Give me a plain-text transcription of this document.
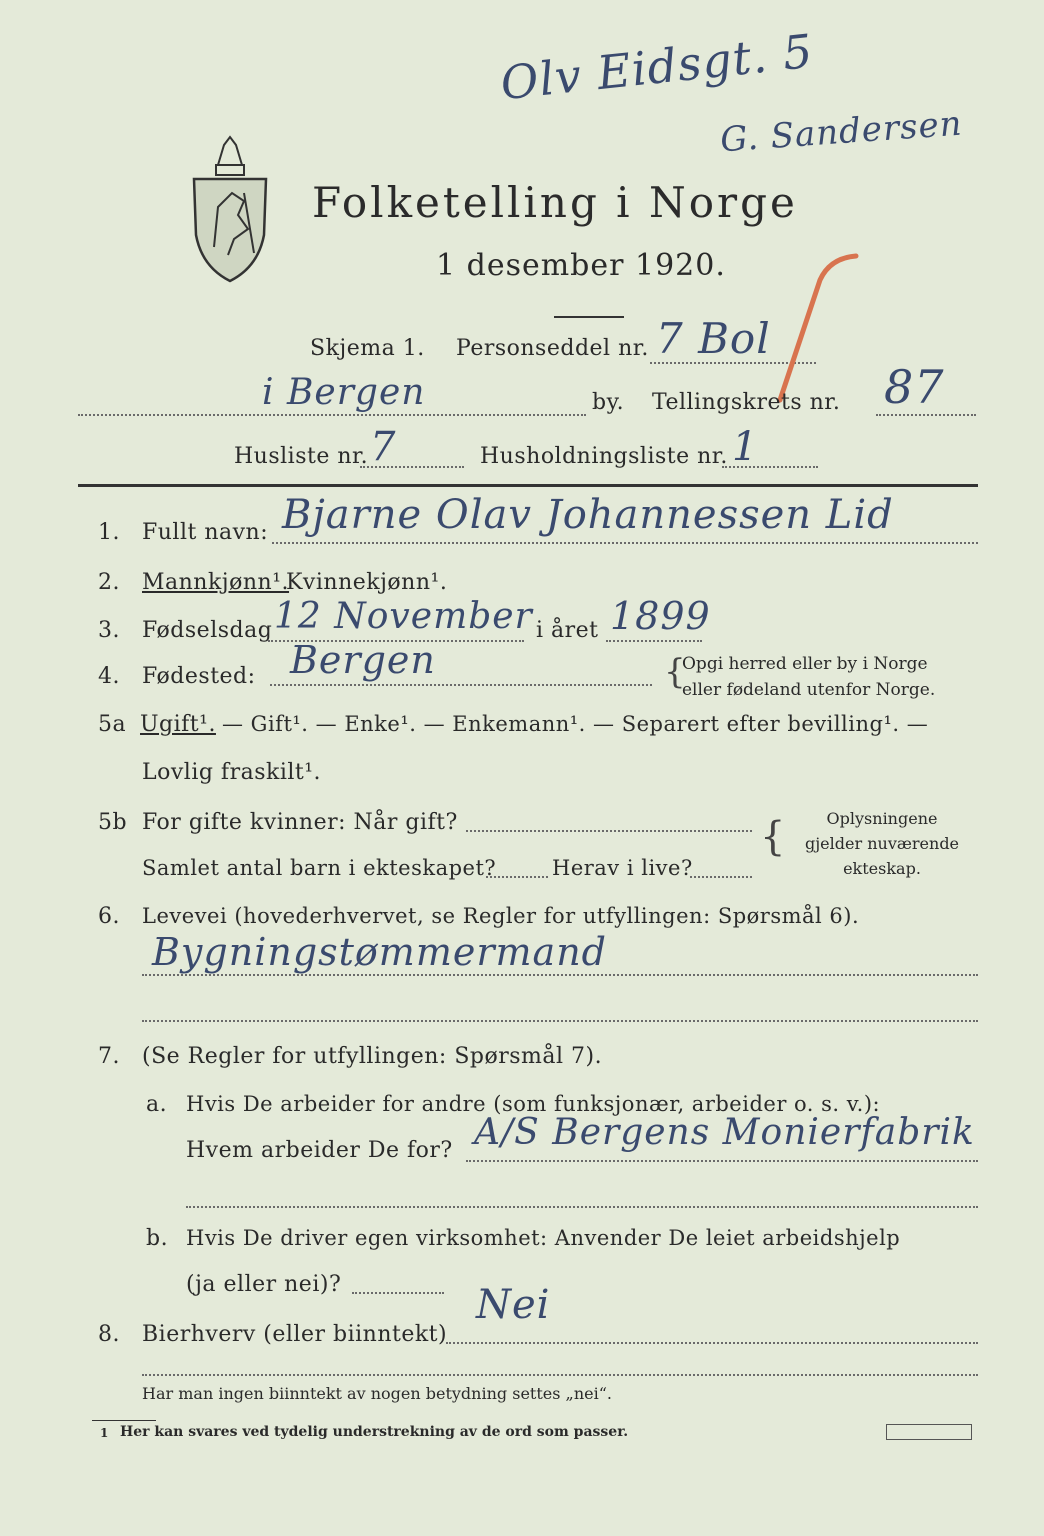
Olv Eidsgt. 5
G. Sandersen
Folketelling i Norge
1 desember 1920.
Skjema 1. Personseddel nr. 7 Bol
i Bergen	by. Tellingskrets nr. 87
Husliste nr. 7	Husholdningsliste nr. 1
1. Fullt navn: Bjarne Olav Johannessen Lid
2. Mannkjønn¹.
Kvinnekjønn¹.
3. Fødselsdag 12 November i året 1899
4. Fødested: Bergen	{
Opgi herred eller by i Norge
eller fødeland utenfor Norge.
5a Ugift¹. — Gift¹. — Enke¹. — Enkemann¹. — Separert efter bevilling¹. —
Lovlig fraskilt¹.
5b For gifte kvinner: Når gift?
Samlet antal barn i ekteskapet?	Herav i live?
{	Oplysningene
gjelder nuværende
ekteskap.
6. Levevei (hovederhvervet, se Regler for utfyllingen: Spørsmål 6).
Bygningstømmermand
7. (Se Regler for utfyllingen: Spørsmål 7).
a. Hvis De arbeider for andre (som funksjonær, arbeider o. s. v.):
Hvem arbeider De for? A/S Bergens Monierfabrik
b. Hvis De driver egen virksomhet: Anvender De leiet arbeidshjelp
(ja eller nei)?
8. Bierhverv (eller biinntekt)
Nei
Har man ingen biinntekt av nogen betydning settes „nei“.
1 Her kan svares ved tydelig understrekning av de ord som passer.
